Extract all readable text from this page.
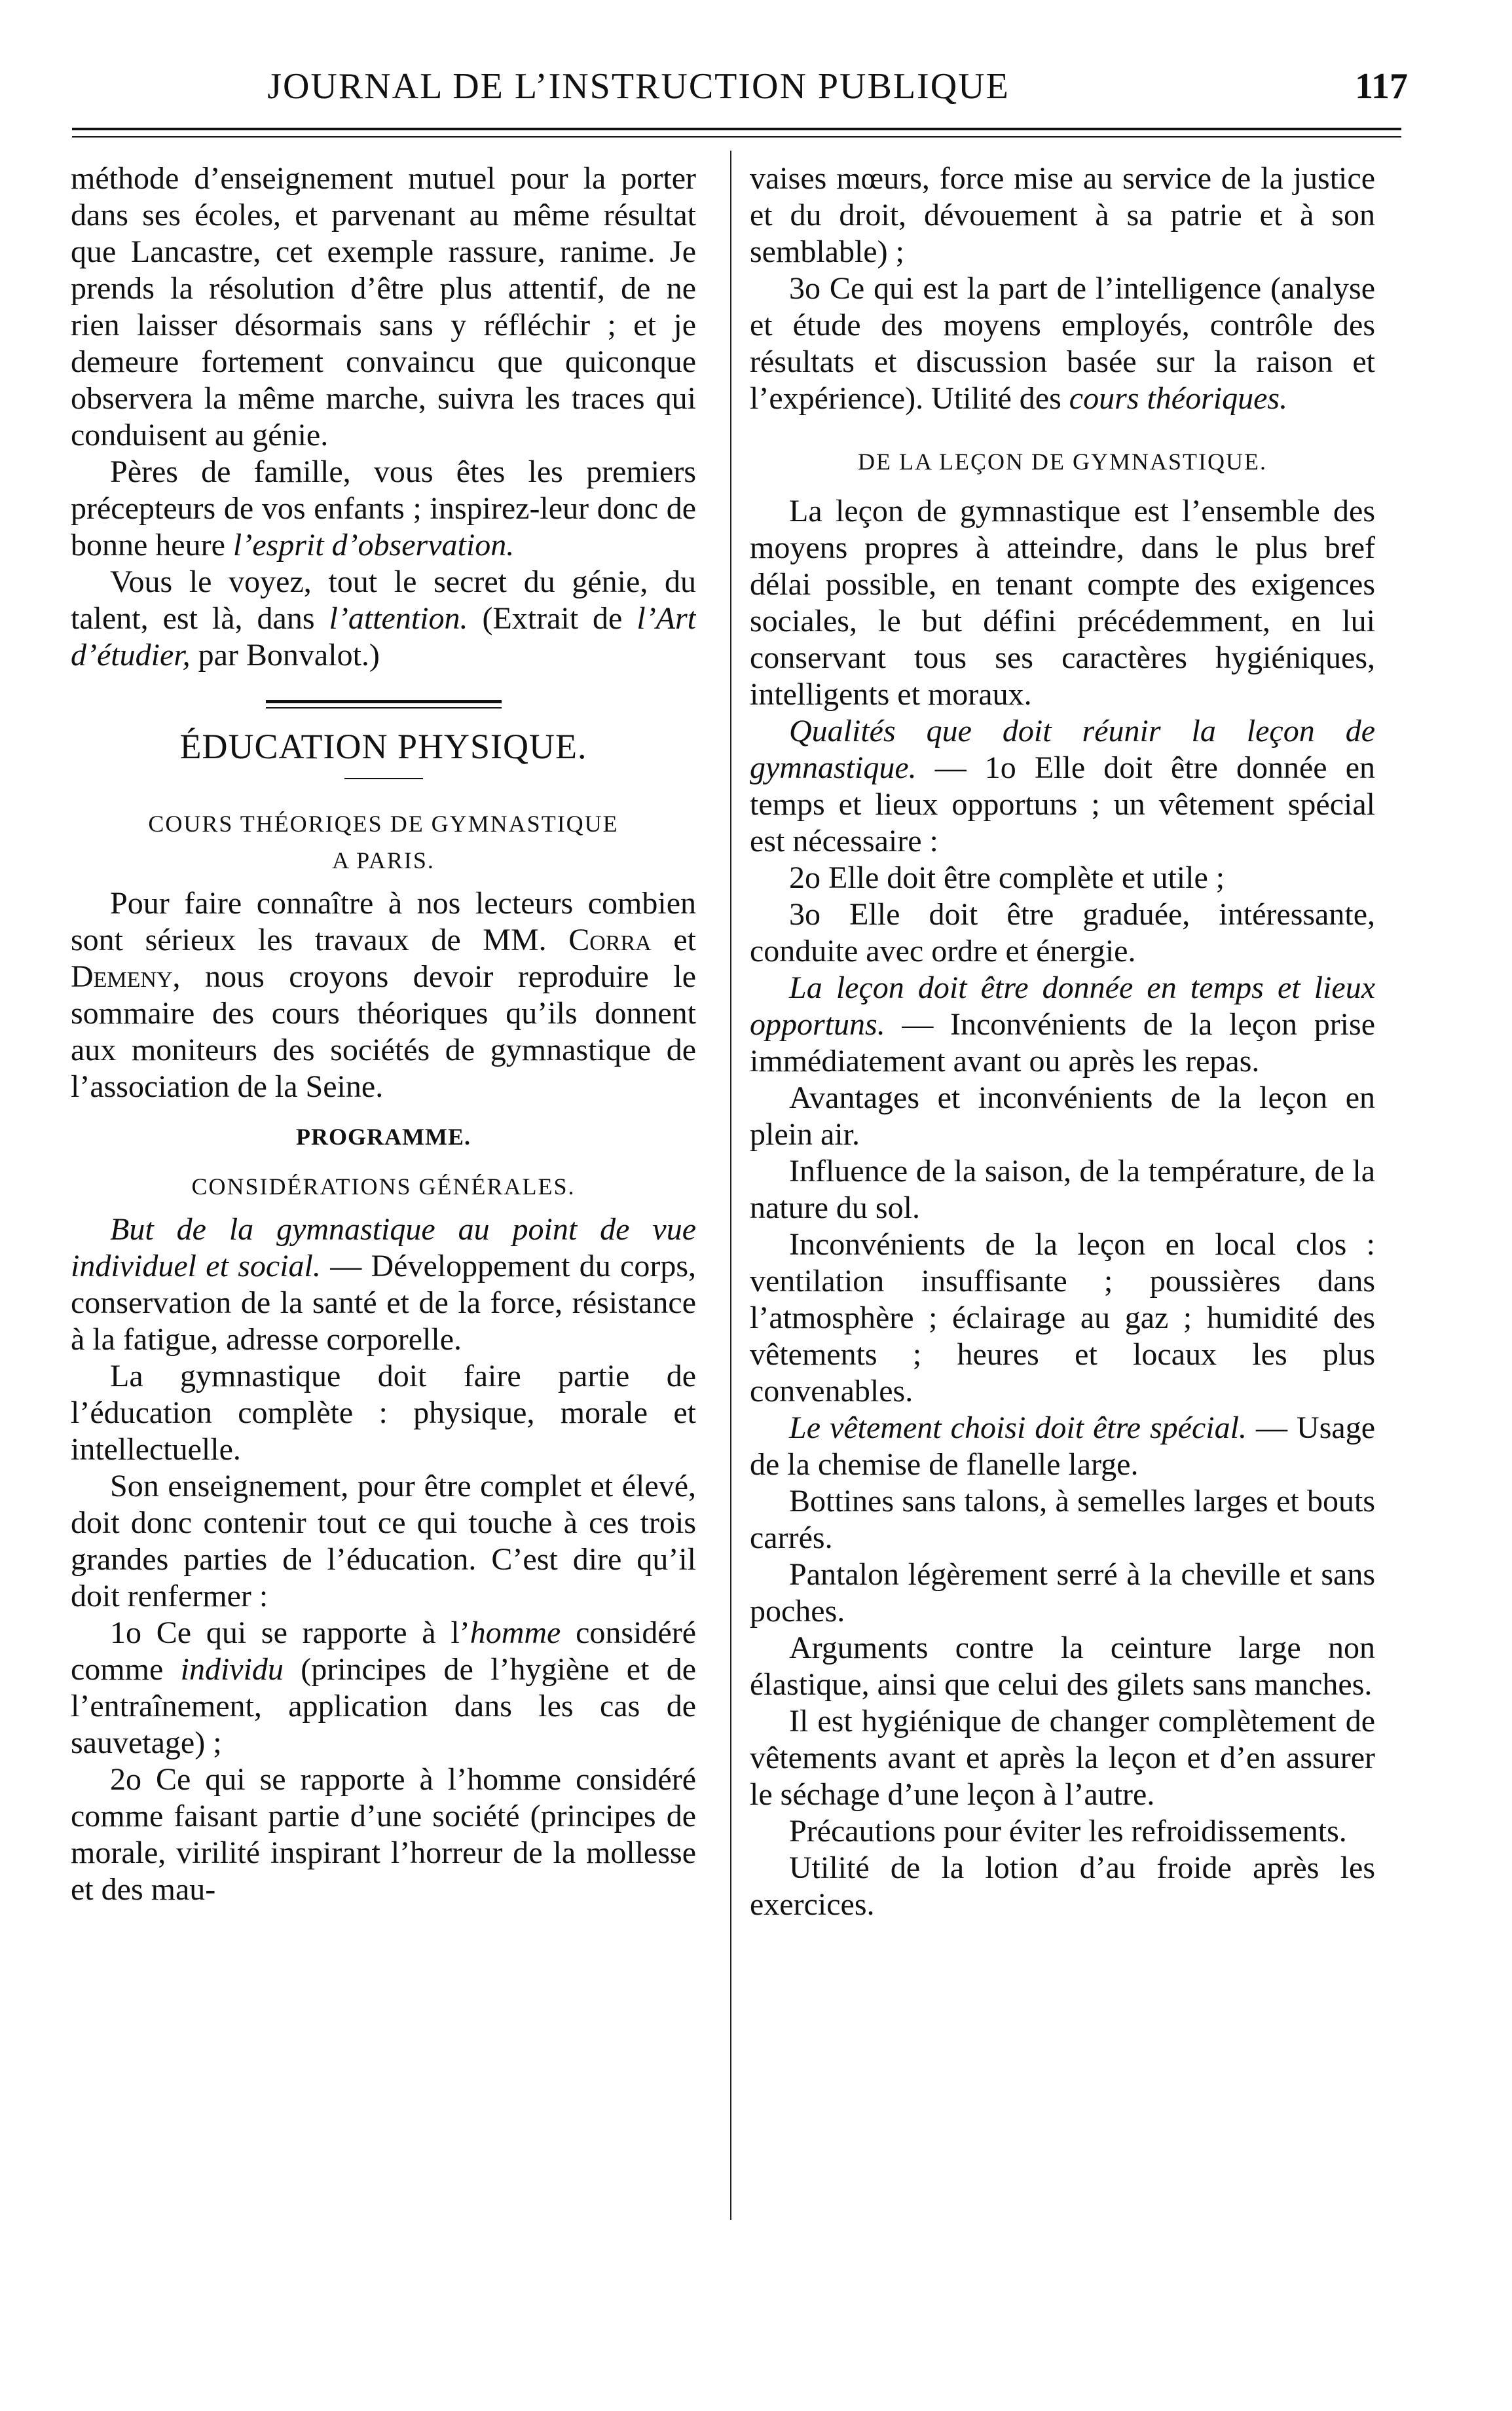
JOURNAL DE L’INSTRUCTION PUBLIQUE	117

méthode d’enseignement mutuel pour la porter dans ses écoles, et parvenant au même résultat que Lancastre, cet exemple rassure, ranime. Je prends la résolution d’être plus attentif, de ne rien laisser désormais sans y réfléchir ; et je demeure fortement convaincu que quiconque observera la même marche, suivra les traces qui conduisent au génie.

Pères de famille, vous êtes les premiers précepteurs de vos enfants ; inspirez-leur donc de bonne heure l’esprit d’observation.

Vous le voyez, tout le secret du génie, du talent, est là, dans l’attention. (Extrait de l’Art d’étudier, par Bonvalot.)

ÉDUCATION PHYSIQUE.
COURS THÉORIQES DE GYMNASTIQUE
A PARIS.

Pour faire connaître à nos lecteurs combien sont sérieux les travaux de MM. Corra et Demeny, nous croyons devoir reproduire le sommaire des cours théoriques qu’ils donnent aux moniteurs des sociétés de gymnastique de l’association de la Seine.

PROGRAMME.
CONSIDÉRATIONS GÉNÉRALES.

But de la gymnastique au point de vue individuel et social. — Développement du corps, conservation de la santé et de la force, résistance à la fatigue, adresse corporelle.

La gymnastique doit faire partie de l’éducation complète : physique, morale et intellectuelle.

Son enseignement, pour être complet et élevé, doit donc contenir tout ce qui touche à ces trois grandes parties de l’éducation. C’est dire qu’il doit renfermer :

1o Ce qui se rapporte à l’homme considéré comme individu (principes de l’hygiène et de l’entraînement, application dans les cas de sauvetage) ;

2o Ce qui se rapporte à l’homme considéré comme faisant partie d’une société (principes de morale, virilité inspirant l’horreur de la mollesse et des mau-

vaises mœurs, force mise au service de la justice et du droit, dévouement à sa patrie et à son semblable) ;

3o Ce qui est la part de l’intelligence (analyse et étude des moyens employés, contrôle des résultats et discussion basée sur la raison et l’expérience). Utilité des cours théoriques.

DE LA LEÇON DE GYMNASTIQUE.

La leçon de gymnastique est l’ensemble des moyens propres à atteindre, dans le plus bref délai possible, en tenant compte des exigences sociales, le but défini précédemment, en lui conservant tous ses caractères hygiéniques, intelligents et moraux.

Qualités que doit réunir la leçon de gymnastique. — 1o Elle doit être donnée en temps et lieux opportuns ; un vêtement spécial est nécessaire :

2o Elle doit être complète et utile ;

3o Elle doit être graduée, intéressante, conduite avec ordre et énergie.

La leçon doit être donnée en temps et lieux opportuns. — Inconvénients de la leçon prise immédiatement avant ou après les repas.

Avantages et inconvénients de la leçon en plein air.

Influence de la saison, de la température, de la nature du sol.

Inconvénients de la leçon en local clos : ventilation insuffisante ; poussières dans l’atmosphère ; éclairage au gaz ; humidité des vêtements ; heures et locaux les plus convenables.

Le vêtement choisi doit être spécial. — Usage de la chemise de flanelle large.

Bottines sans talons, à semelles larges et bouts carrés.

Pantalon légèrement serré à la cheville et sans poches.

Arguments contre la ceinture large non élastique, ainsi que celui des gilets sans manches.

Il est hygiénique de changer complètement de vêtements avant et après la leçon et d’en assurer le séchage d’une leçon à l’autre.

Précautions pour éviter les refroidissements.

Utilité de la lotion d’au froide après les exercices.
